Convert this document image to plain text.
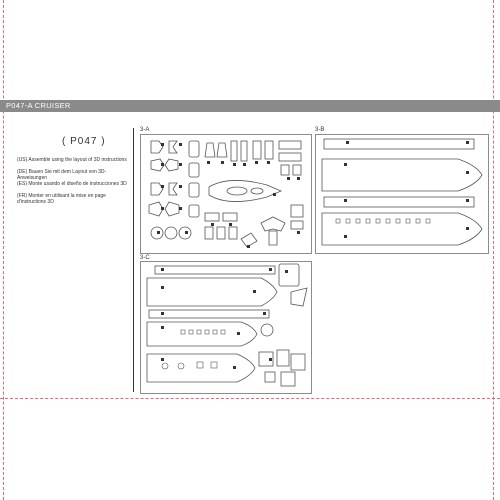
P047-A CRUISER
( P047 )
(US) Assemble using the layout of 3D instructions
(DE) Bauen Sie mit dem Layout von 3D-Anweisungen
(ES) Monte usando el diseño de instrucciones 3D
(FR) Monter en utilisant la mise en page d'instructions 3D
3-A	3-B
3-C
